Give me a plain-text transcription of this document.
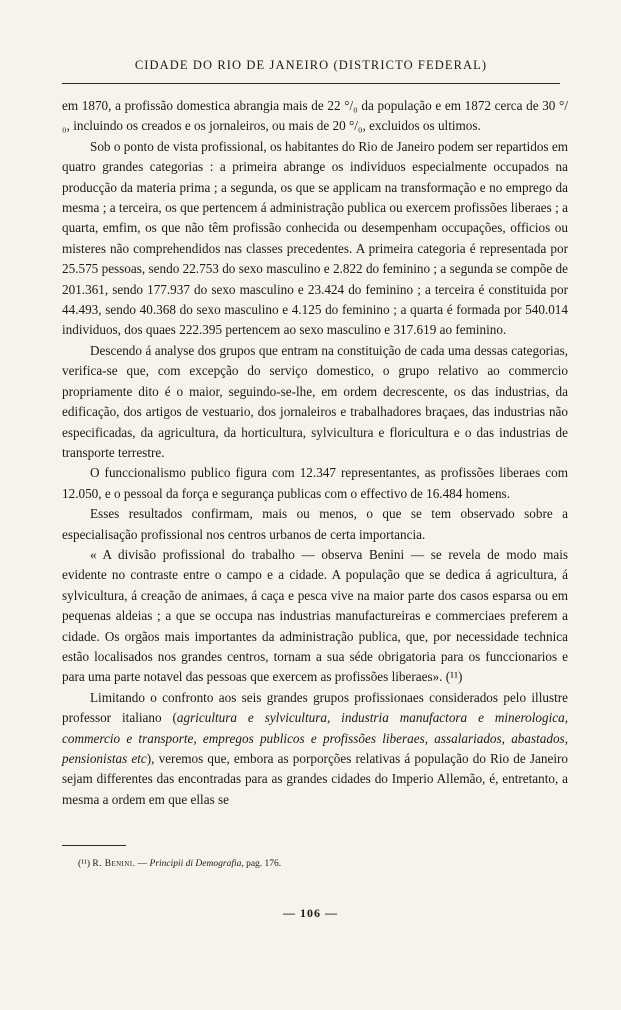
CIDADE DO RIO DE JANEIRO (DISTRICTO FEDERAL)

em 1870, a profissão domestica abrangia mais de 22 °/₀ da população e em 1872 cerca de 30 °/₀, incluindo os creados e os jornaleiros, ou mais de 20 °/₀, excluidos os ultimos.

Sob o ponto de vista profissional, os habitantes do Rio de Janeiro podem ser repartidos em quatro grandes categorias : a primeira abrange os individuos especialmente occupados na producção da materia prima ; a segunda, os que se applicam na transformação e no emprego da mesma ; a terceira, os que pertencem á administração publica ou exercem profissões liberaes ; a quarta, emfim, os que não têm profissão conhecida ou desempenham occupações, officios ou misteres não comprehendidos nas classes precedentes. A primeira categoria é representada por 25.575 pessoas, sendo 22.753 do sexo masculino e 2.822 do feminino ; a segunda se compõe de 201.361, sendo 177.937 do sexo masculino e 23.424 do feminino ; a terceira é constituida por 44.493, sendo 40.368 do sexo masculino e 4.125 do feminino ; a quarta é formada por 540.014 individuos, dos quaes 222.395 pertencem ao sexo masculino e 317.619 ao feminino.

Descendo á analyse dos grupos que entram na constituição de cada uma dessas categorias, verifica-se que, com excepção do serviço domestico, o grupo relativo ao commercio propriamente dito é o maior, seguindo-se-lhe, em ordem decrescente, os das industrias, da edificação, dos artigos de vestuario, dos jornaleiros e trabalhadores braçaes, das industrias não especificadas, da agricultura, da horticultura, sylvicultura e floricultura e o das industrias de transporte terrestre.

O funccionalismo publico figura com 12.347 representantes, as profissões liberaes com 12.050, e o pessoal da força e segurança publicas com o effectivo de 16.484 homens.

Esses resultados confirmam, mais ou menos, o que se tem observado sobre a especialisação profissional nos centros urbanos de certa importancia.

« A divisão profissional do trabalho — observa Benini — se revela de modo mais evidente no contraste entre o campo e a cidade. A população que se dedica á agricultura, á sylvicultura, á creação de animaes, á caça e pesca vive na maior parte dos casos esparsa ou em pequenas aldeias ; a que se occupa nas industrias manufactureiras e commerciaes preferem a cidade. Os orgãos mais importantes da administração publica, que, por necessidade technica estão localisados nos grandes centros, tornam a sua séde obrigatoria para os funccionarios e para uma parte notavel das pessoas que exercem as profissões liberaes». (¹¹)

Limitando o confronto aos seis grandes grupos profissionaes considerados pelo illustre professor italiano (agricultura e sylvicultura, industria manufactora e minerologica, commercio e transporte, empregos publicos e profissões liberaes, assalariados, abastados, pensionistas etc), veremos que, embora as porporções relativas á população do Rio de Janeiro sejam differentes das encontradas para as grandes cidades do Imperio Allemão, é, entretanto, a mesma a ordem em que ellas se

(¹¹) R. Benini. — Principii di Demografia, pag. 176.
— 106 —
